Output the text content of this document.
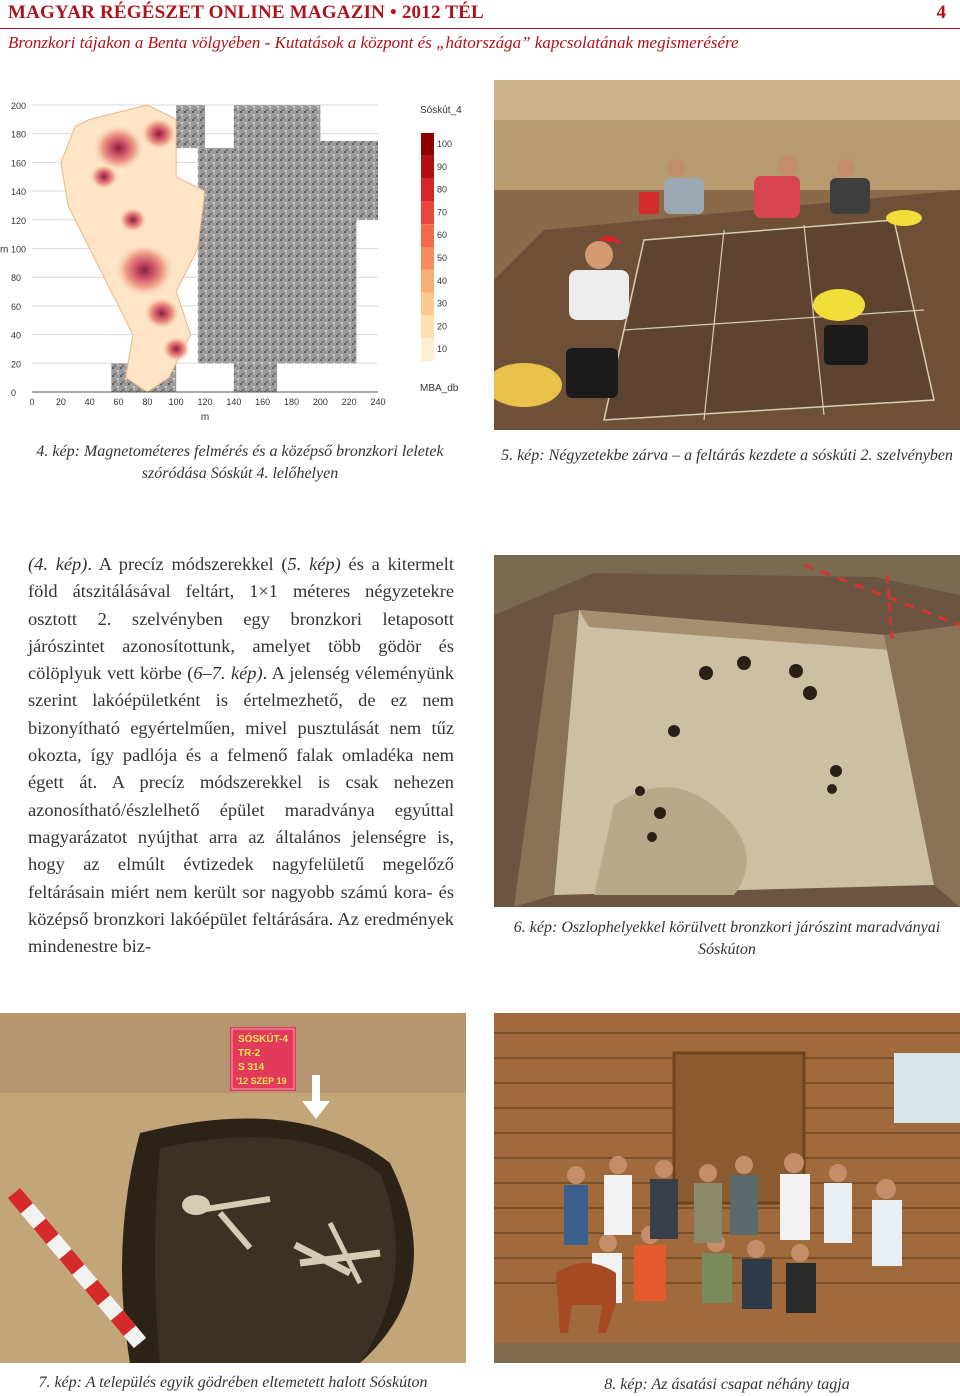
MAGYAR RÉGÉSZET ONLINE MAGAZIN • 2012 TÉL	4
Bronzkori tájakon a Benta völgyében - Kutatások a központ és „hátországa” kapcsolatának megismerésére
0
20
40
60
80
100
120
140
160
180
200
0 20 40 60 80 100 120 140 160 180 200 220 240
m
m
Sóskút_4
100
90
80
70
60
50
40
30
20
10
MBA_db
4. kép: Magnetométeres felmérés és a középső bronzkori leletek szóródása Sóskút 4. lelőhelyen
5. kép: Négyzetekbe zárva – a feltárás kezdete a sóskúti 2. szelvényben
(4. kép). A precíz módszerekkel (5. kép) és a kitermelt föld átszitálásával feltárt, 1×1 méteres négyzetekre osztott 2. szelvényben egy bronzkori letaposott járószintet azonosítottunk, amelyet több gödör és cölöplyuk vett körbe (6–7. kép). A jelenség véleményünk szerint lakóépületként is értelmezhető, de ez nem bizonyítható egyértelműen, mivel pusztulását nem tűz okozta, így padlója és a felmenő falak omladéka nem égett át. A precíz módszerekkel is csak nehezen azonosítható/észlelhető épület maradványa egyúttal magyarázatot nyújthat arra az általános jelenségre is, hogy az elmúlt évtizedek nagyfelületű megelőző feltárásain miért nem került sor nagyobb számú kora- és középső bronzkori lakóépület feltárására. Az eredmények mindenestre biz-
6. kép: Oszlophelyekkel körülvett bronzkori járószint maradványai Sóskúton
SÓSKÚT-4
TR-2
S 314
'12 SZEP 19
7. kép: A település egyik gödrében eltemetett halott Sóskúton	8. kép: Az ásatási csapat néhány tagja
